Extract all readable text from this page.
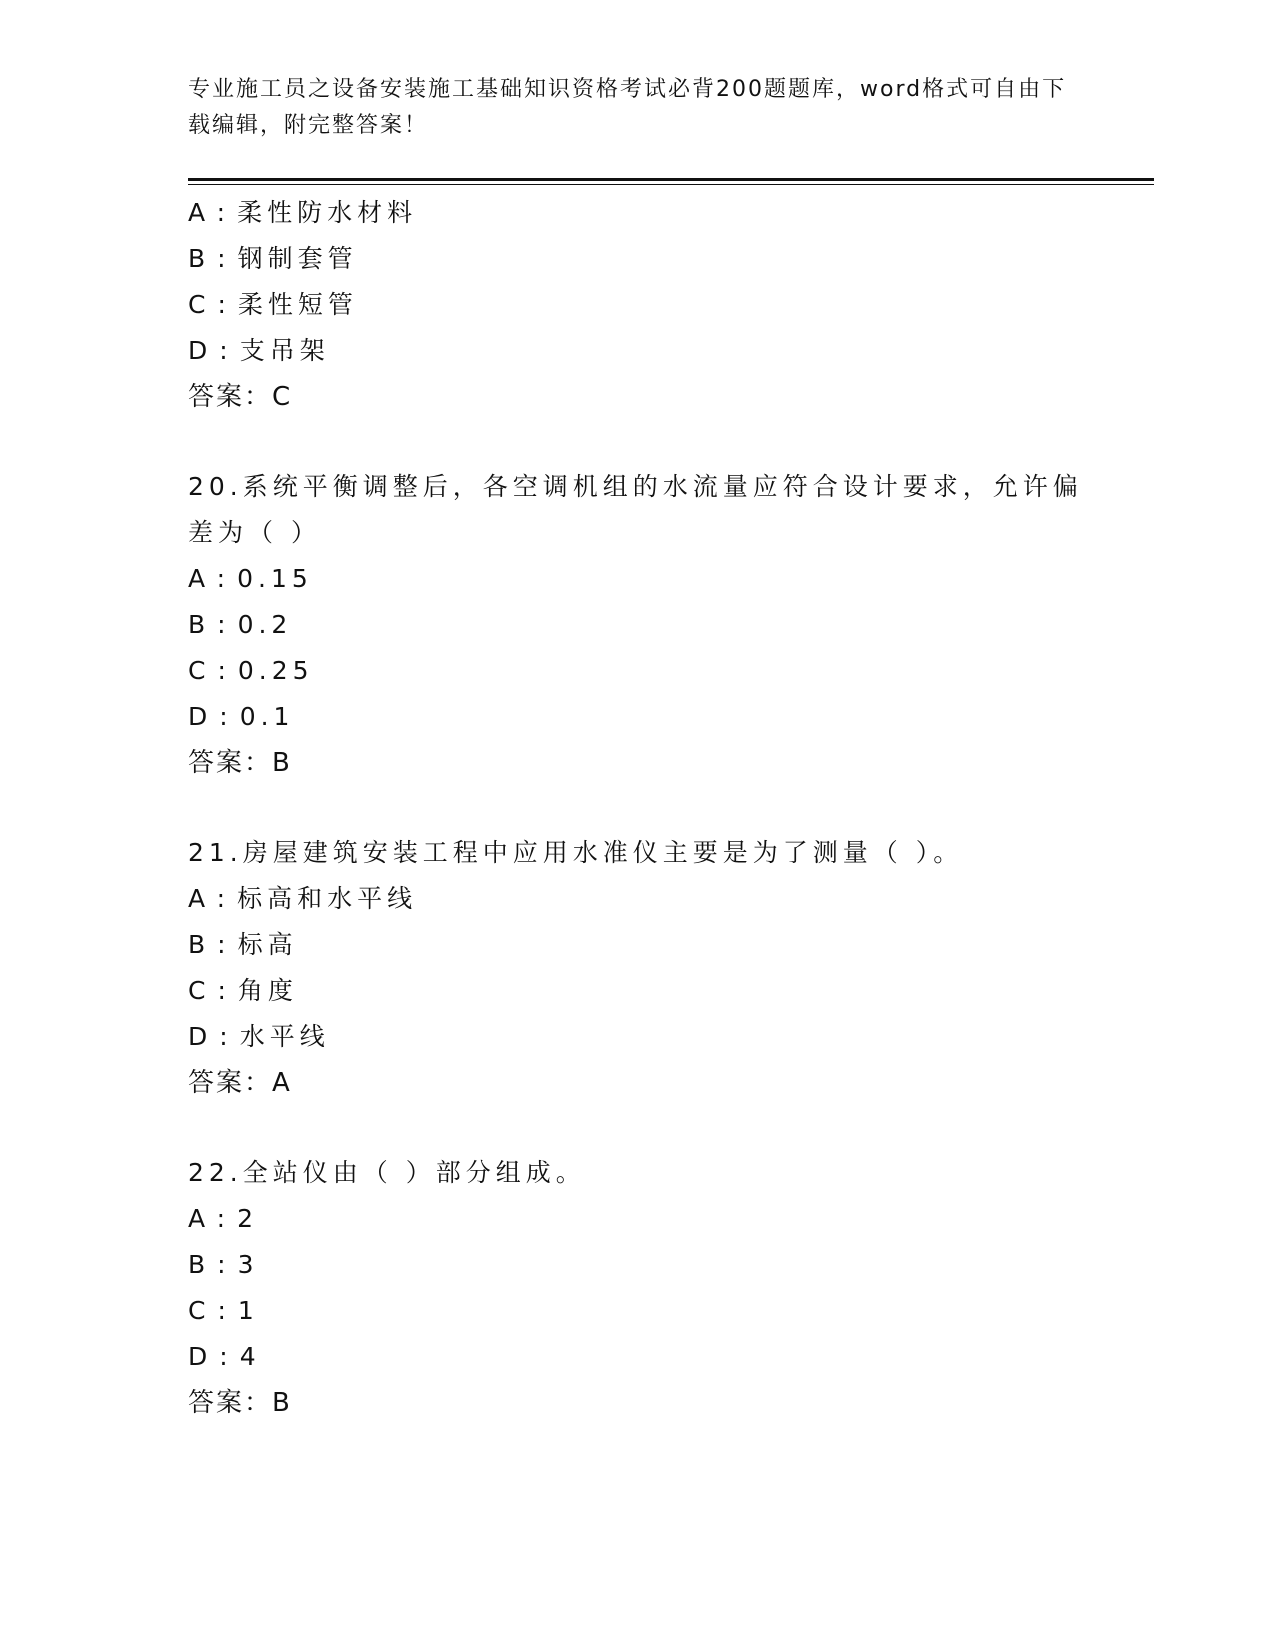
专业施工员之设备安装施工基础知识资格考试必背200题题库，word格式可自由下载编辑，附完整答案！
A:柔性防水材料
B:钢制套管
C:柔性短管
D:支吊架
答案：C
20.系统平衡调整后，各空调机组的水流量应符合设计要求，允许偏差为（ ）
A:0.15
B:0.2
C:0.25
D:0.1
答案：B
21.房屋建筑安装工程中应用水准仪主要是为了测量（ ）。
A:标高和水平线
B:标高
C:角度
D:水平线
答案：A
22.全站仪由（ ）部分组成。
A:2
B:3
C:1
D:4
答案：B
